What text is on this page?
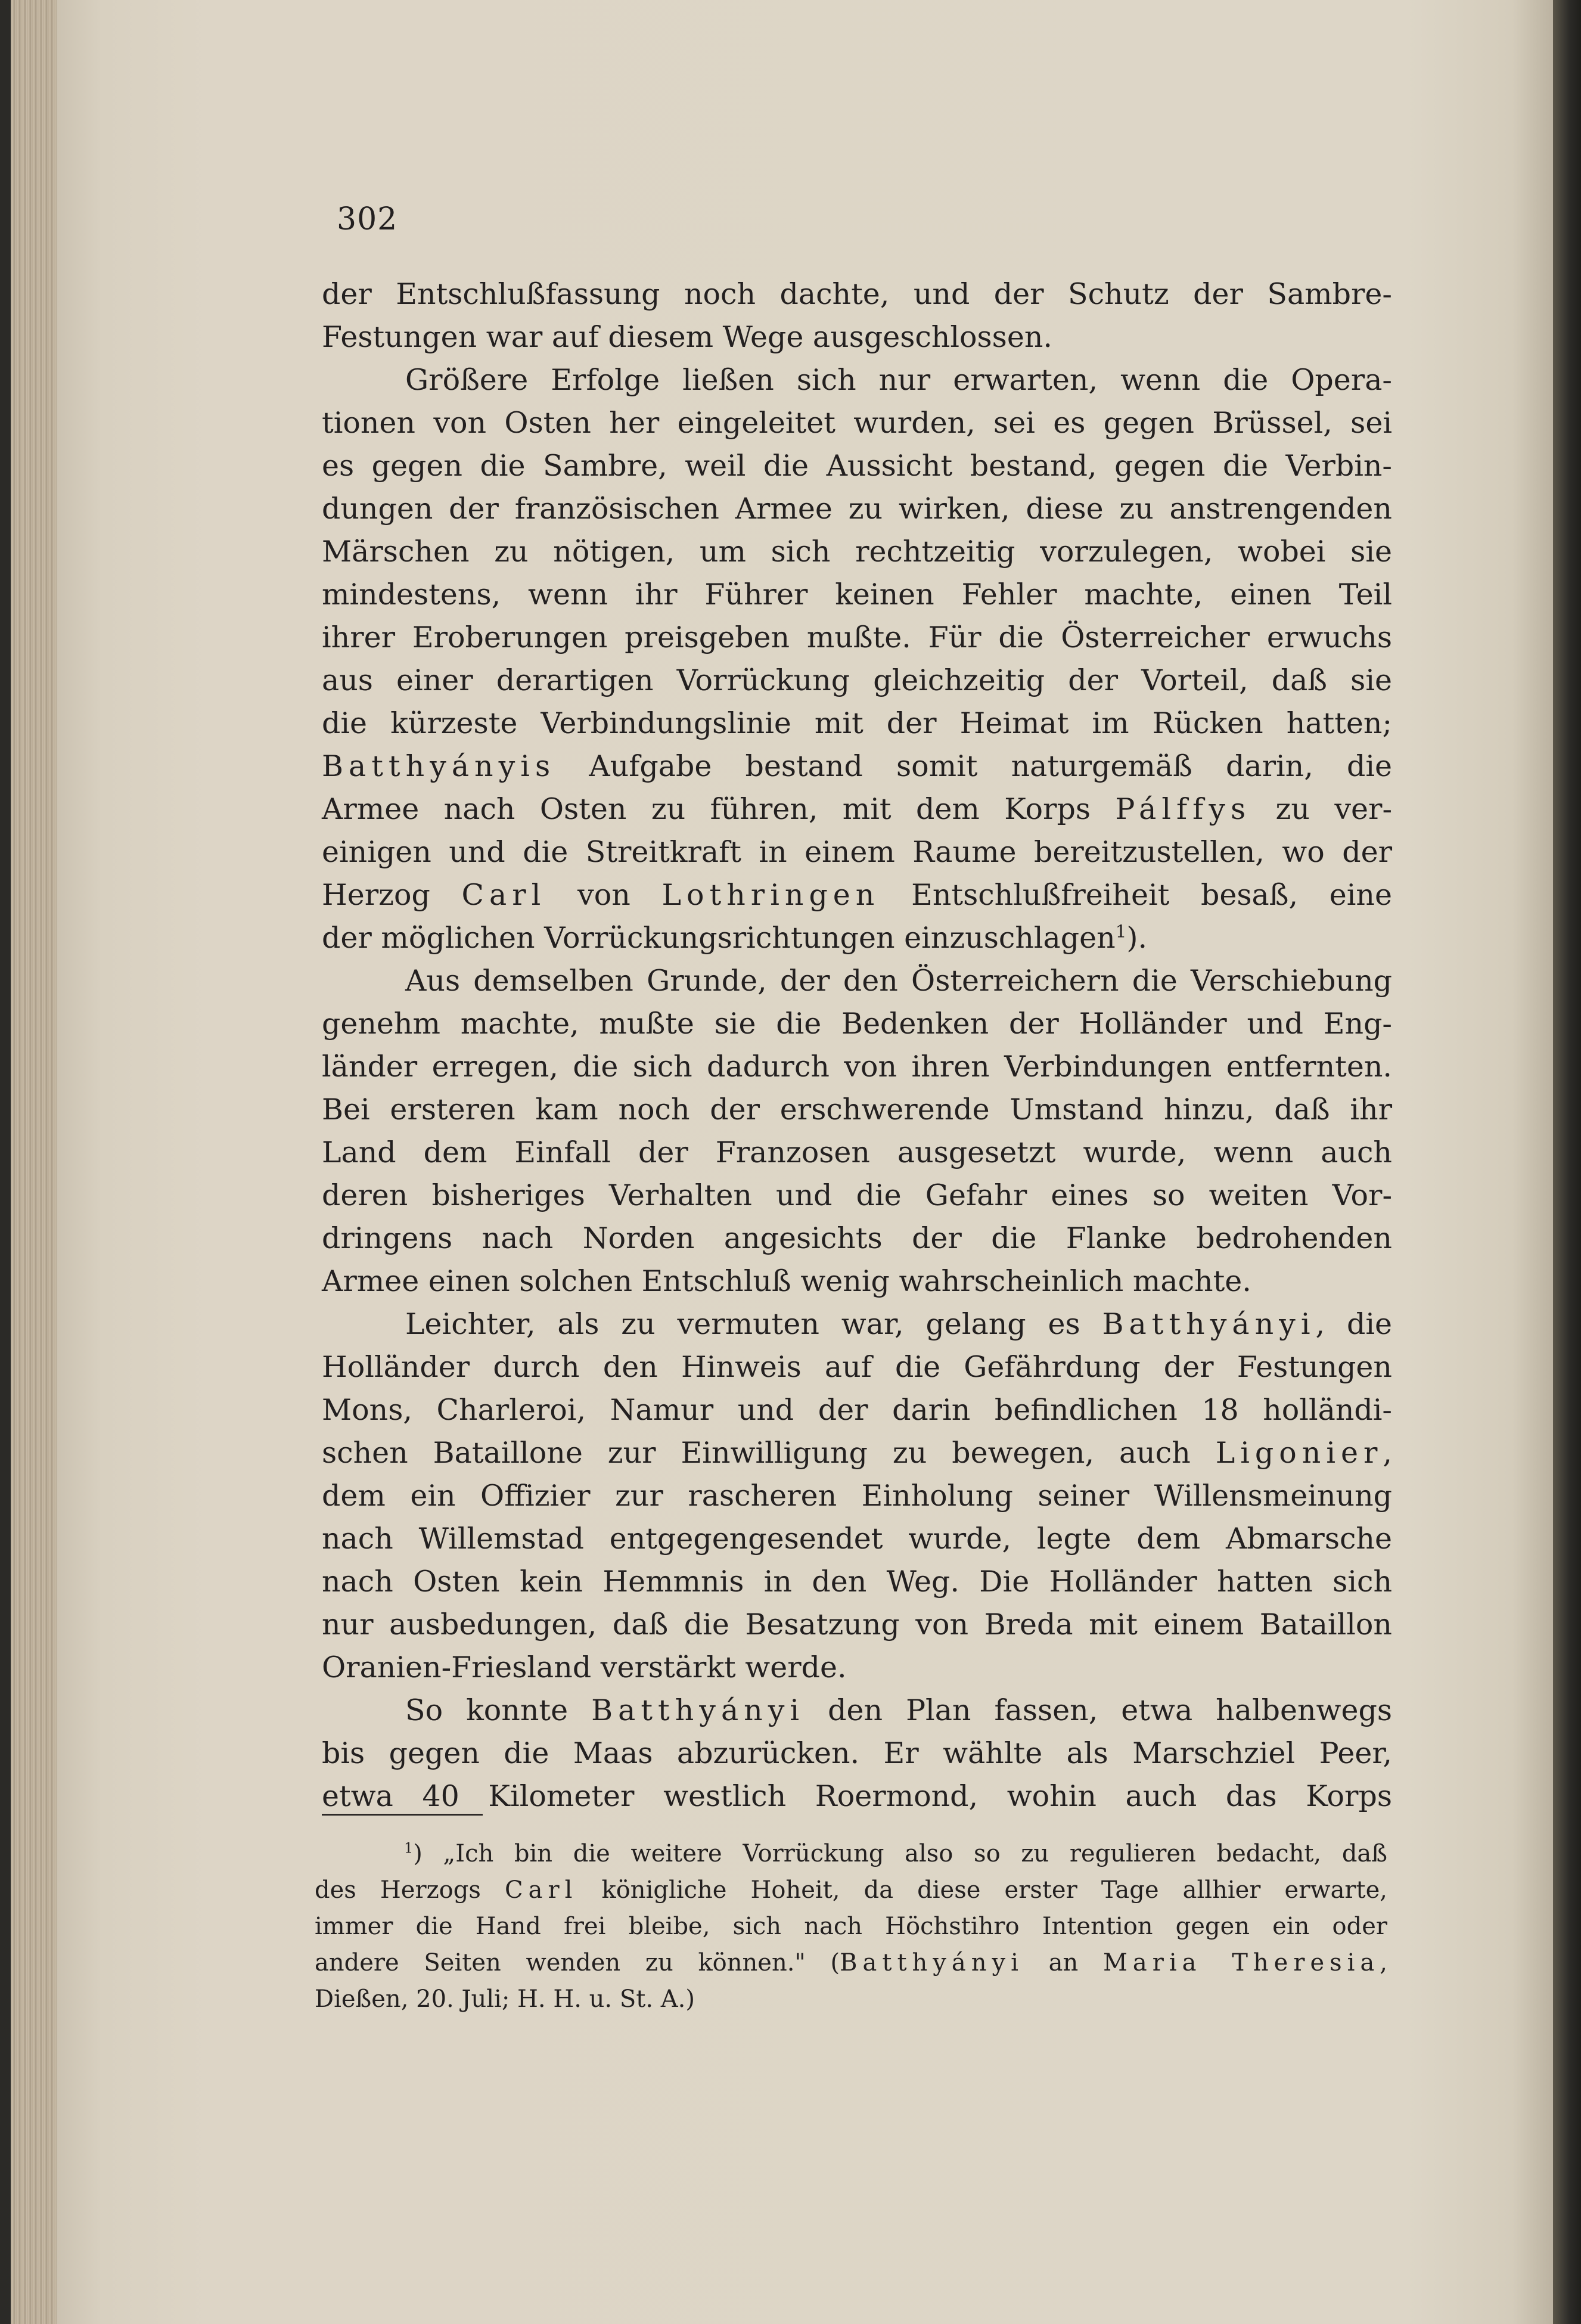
302
der Entschlußfassung noch dachte, und der Schutz der Sambre-
Festungen war auf diesem Wege ausgeschlossen.
Größere Erfolge ließen sich nur erwarten, wenn die Opera-
tionen von Osten her eingeleitet wurden, sei es gegen Brüssel, sei
es gegen die Sambre, weil die Aussicht bestand, gegen die Verbin-
dungen der französischen Armee zu wirken, diese zu anstrengenden
Märschen zu nötigen, um sich rechtzeitig vorzulegen, wobei sie
mindestens, wenn ihr Führer keinen Fehler machte, einen Teil
ihrer Eroberungen preisgeben mußte. Für die Österreicher erwuchs
aus einer derartigen Vorrückung gleichzeitig der Vorteil, daß sie
die kürzeste Verbindungslinie mit der Heimat im Rücken hatten;
Batthyányis Aufgabe bestand somit naturgemäß darin, die
Armee nach Osten zu führen, mit dem Korps Pálffys zu ver-
einigen und die Streitkraft in einem Raume bereitzustellen, wo der
Herzog Carl von Lothringen Entschlußfreiheit besaß, eine
der möglichen Vorrückungsrichtungen einzuschlagen$^1$).
Aus demselben Grunde, der den Österreichern die Verschiebung
genehm machte, mußte sie die Bedenken der Holländer und Eng-
länder erregen, die sich dadurch von ihren Verbindungen entfernten.
Bei ersteren kam noch der erschwerende Umstand hinzu, daß ihr
Land dem Einfall der Franzosen ausgesetzt wurde, wenn auch
deren bisheriges Verhalten und die Gefahr eines so weiten Vor-
dringens nach Norden angesichts der die Flanke bedrohenden
Armee einen solchen Entschluß wenig wahrscheinlich machte.
Leichter, als zu vermuten war, gelang es Batthyányi, die
Holländer durch den Hinweis auf die Gefährdung der Festungen
Mons, Charleroi, Namur und der darin befindlichen 18 holländi-
schen Bataillone zur Einwilligung zu bewegen, auch Ligonier,
dem ein Offizier zur rascheren Einholung seiner Willensmeinung
nach Willemstad entgegengesendet wurde, legte dem Abmarsche
nach Osten kein Hemmnis in den Weg. Die Holländer hatten sich
nur ausbedungen, daß die Besatzung von Breda mit einem Bataillon
Oranien-Friesland verstärkt werde.
So konnte Batthyányi den Plan fassen, etwa halbenwegs
bis gegen die Maas abzurücken. Er wählte als Marschziel Peer,
etwa 40 Kilometer westlich Roermond, wohin auch das Korps
$^1$) „Ich bin die weitere Vorrückung also so zu regulieren bedacht, daß
des Herzogs Carl königliche Hoheit, da diese erster Tage allhier erwarte,
immer die Hand frei bleibe, sich nach Höchstihro Intention gegen ein oder
andere Seiten wenden zu können." (Batthyányi an Maria Theresia,
Dießen, 20. Juli; H. H. u. St. A.)
